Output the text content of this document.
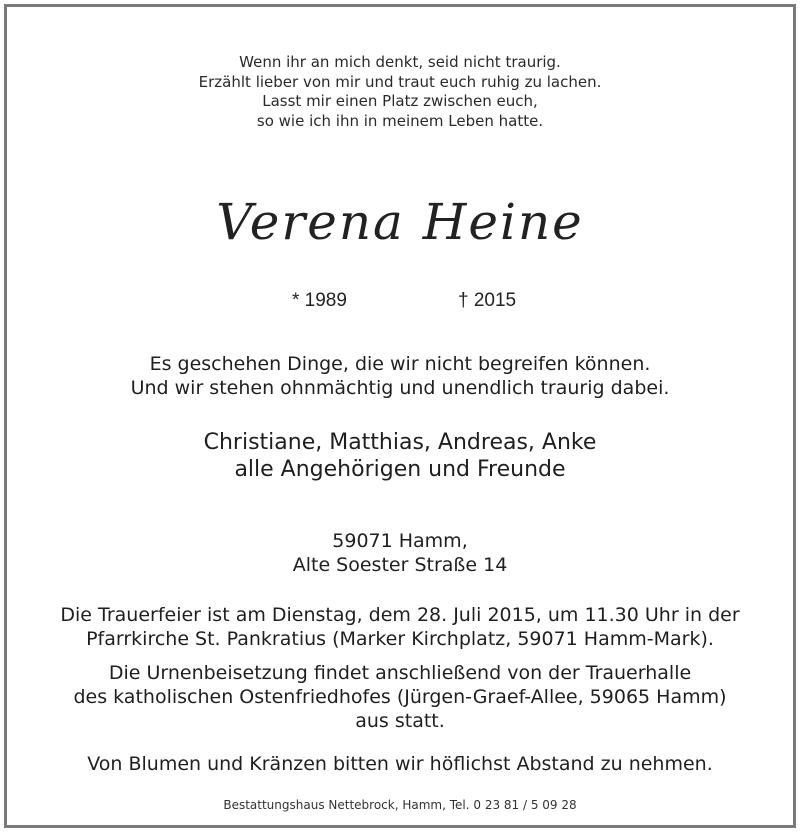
Wenn ihr an mich denkt, seid nicht traurig.
Erzählt lieber von mir und traut euch ruhig zu lachen.
Lasst mir einen Platz zwischen euch,
so wie ich ihn in meinem Leben hatte.
Verena Heine
* 1989	† 2015
Es geschehen Dinge, die wir nicht begreifen können.
Und wir stehen ohnmächtig und unendlich traurig dabei.
Christiane, Matthias, Andreas, Anke
alle Angehörigen und Freunde
59071 Hamm,
Alte Soester Straße 14
Die Trauerfeier ist am Dienstag, dem 28. Juli 2015, um 11.30 Uhr in der
Pfarrkirche St. Pankratius (Marker Kirchplatz, 59071 Hamm-Mark).
Die Urnenbeisetzung findet anschließend von der Trauerhalle
des katholischen Ostenfriedhofes (Jürgen-Graef-Allee, 59065 Hamm)
aus statt.
Von Blumen und Kränzen bitten wir höflichst Abstand zu nehmen.
Bestattungshaus Nettebrock, Hamm, Tel. 0 23 81 / 5 09 28
